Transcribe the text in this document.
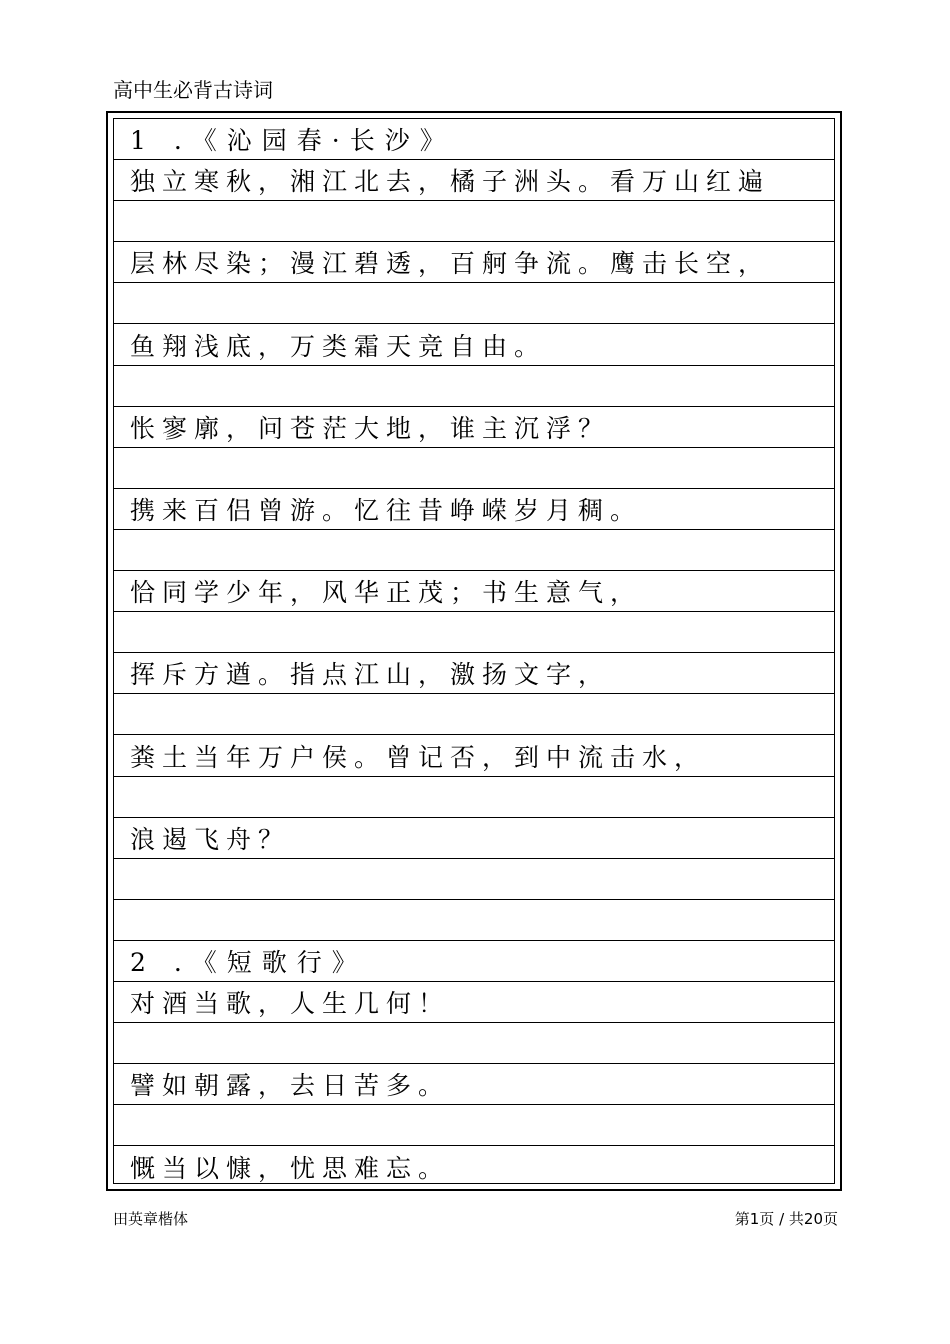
高中生必背古诗词
1 .《沁园春·长沙》
独立寒秋，湘江北去，橘子洲头。看万山红遍
层林尽染；漫江碧透，百舸争流。鹰击长空，
鱼翔浅底，万类霜天竞自由。
怅寥廓，问苍茫大地，谁主沉浮？
携来百侣曾游。忆往昔峥嵘岁月稠。
恰同学少年，风华正茂；书生意气，
挥斥方遒。指点江山，激扬文字，
粪土当年万户侯。曾记否，到中流击水，
浪遏飞舟？
2 .《短歌行》
对酒当歌，人生几何！
譬如朝露，去日苦多。
慨当以慷，忧思难忘。
田英章楷体	第1页 / 共20页
